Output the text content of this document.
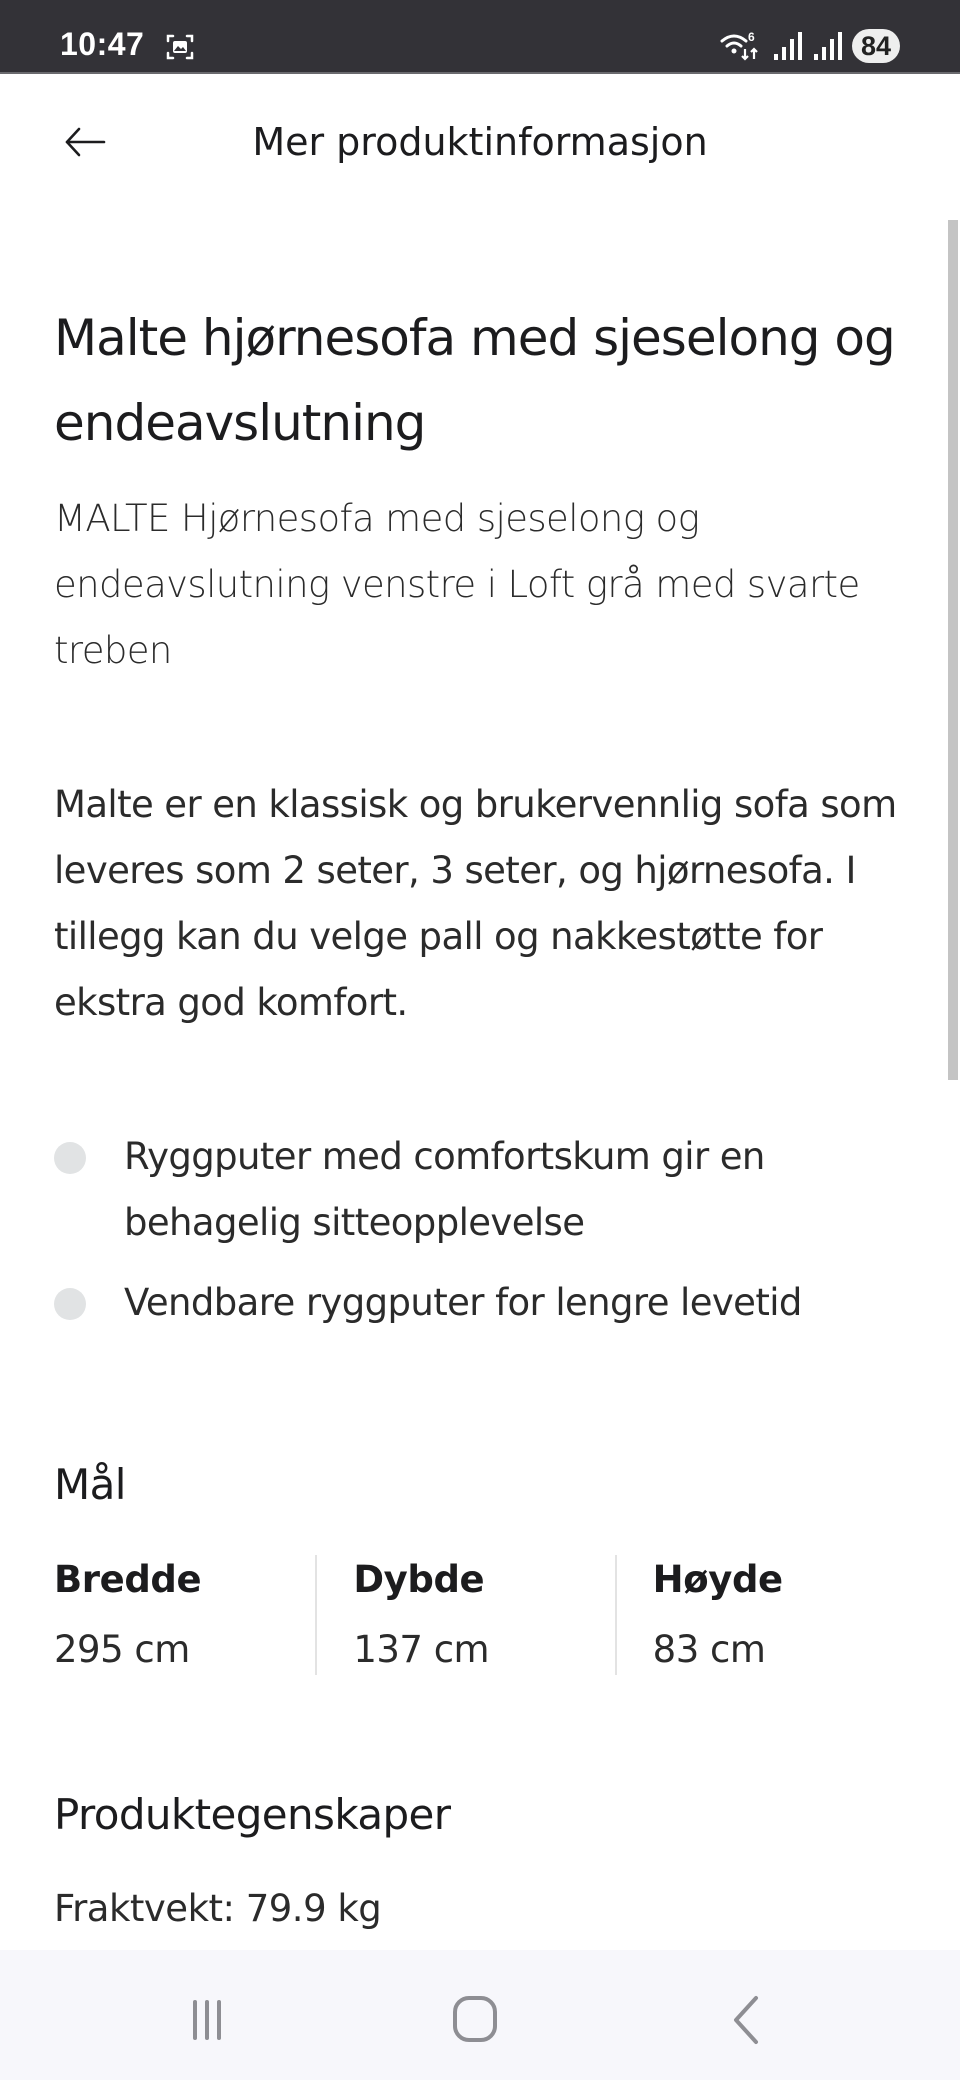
10:47	6	84
Mer produktinformasjon
Malte hjørnesofa med sjeselong og endeavslutning

MALTE Hjørnesofa med sjeselong og endeavslutning venstre i Loft grå med svarte treben

Malte er en klassisk og brukervennlig sofa som leveres som 2 seter, 3 seter, og hjørnesofa. I tillegg kan du velge pall og nakkestøtte for ekstra god komfort.

Ryggputer med comfortskum gir en behagelig sitteopplevelse
Vendbare ryggputer for lengre levetid
Mål
Bredde
295 cm
Dybde
137 cm
Høyde
83 cm
Produktegenskaper
Fraktvekt: 79.9 kg
